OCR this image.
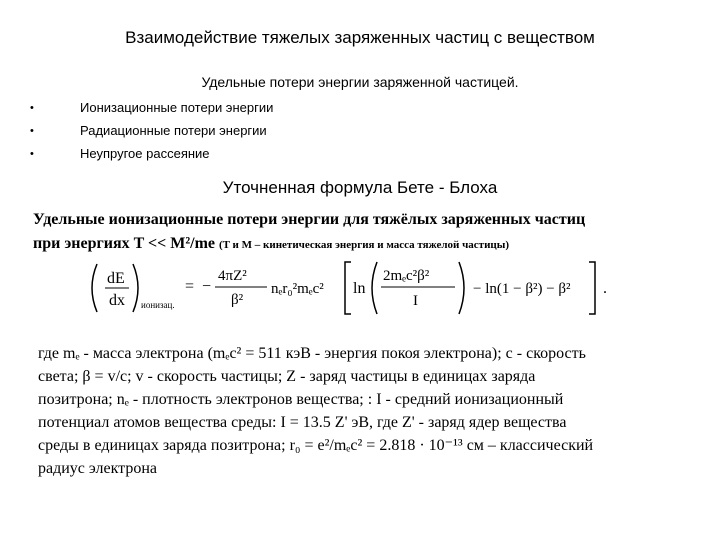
Взаимодействие тяжелых заряженных частиц с веществом
Удельные потери энергии заряженной частицей.
•	Ионизационные потери энергии
•	Радиационные потери энергии
•	Неупругое рассеяние
Уточненная формула Бете - Блоха
Удельные ионизационные потери энергии для тяжёлых заряженных частиц
при энергиях T << M²/me (T и M – кинетическая энергия и масса тяжелой частицы)
dE
dx ионизац.
= −
4πZ²
β²
nₑr₀²mₑc² ln
2mₑc²β²
I
− ln(1 − β²) − β² .

где mₑ - масса электрона (mₑc² = 511 кэВ - энергия покоя электрона); c - скорость

света; β = v/c; v - скорость частицы; Z - заряд частицы в единицах заряда

позитрона; nₑ - плотность электронов вещества; : I - средний ионизационный

потенциал атомов вещества среды: I = 13.5 Z' эВ, где Z' - заряд ядер вещества

среды в единицах заряда позитрона; r₀ = e²/mₑc² = 2.818 · 10⁻¹³ см – классический

радиус электрона
